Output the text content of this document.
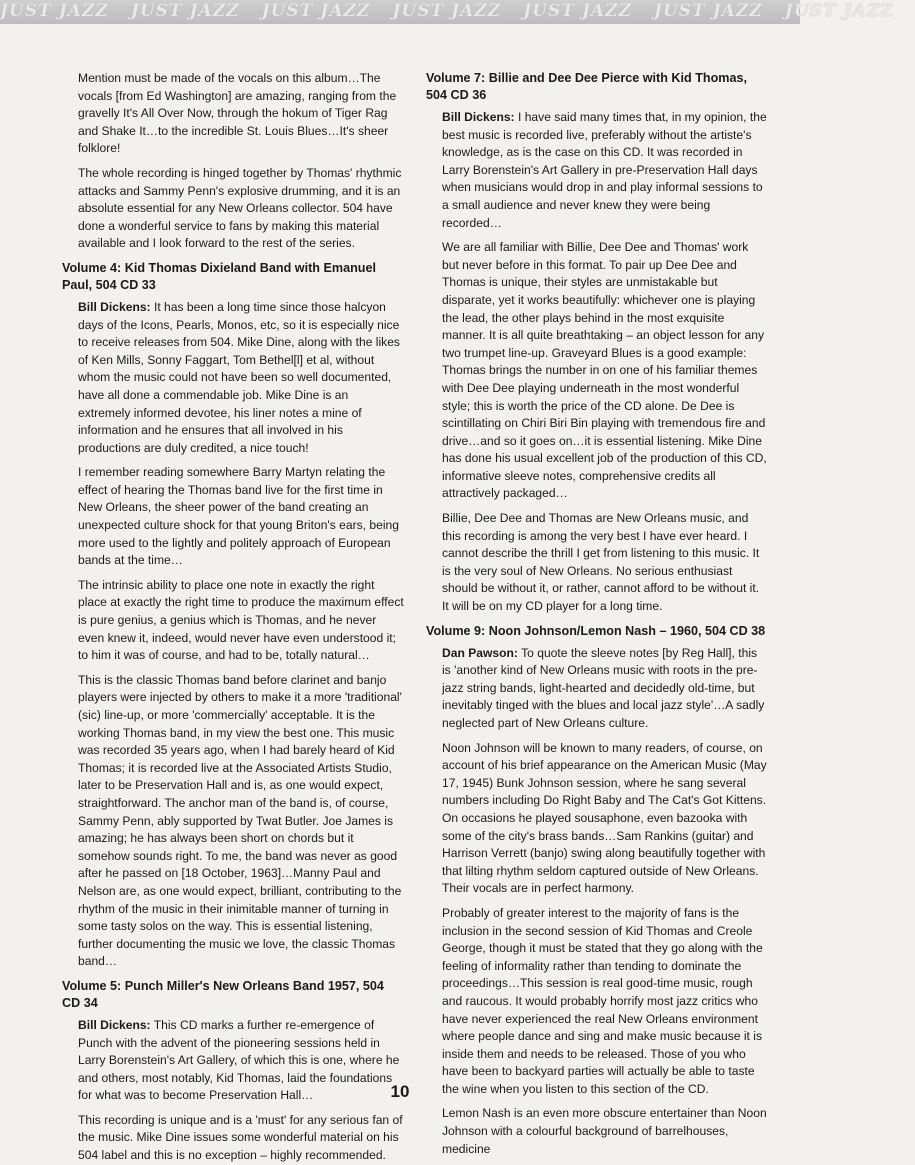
JUST JAZZ JUST JAZZ JUST JAZZ JUST JAZZ JUST JAZZ JUST JAZZ JUST JAZZ

Mention must be made of the vocals on this album…The vocals [from Ed Washington] are amazing, ranging from the gravelly It's All Over Now, through the hokum of Tiger Rag and Shake It…to the incredible St. Louis Blues…It's sheer folklore!

The whole recording is hinged together by Thomas' rhythmic attacks and Sammy Penn's explosive drumming, and it is an absolute essential for any New Orleans collector. 504 have done a wonderful service to fans by making this material available and I look forward to the rest of the series.

Volume 4: Kid Thomas Dixieland Band with Emanuel Paul, 504 CD 33

Bill Dickens: It has been a long time since those halcyon days of the Icons, Pearls, Monos, etc, so it is especially nice to receive releases from 504. Mike Dine, along with the likes of Ken Mills, Sonny Faggart, Tom Bethel[l] et al, without whom the music could not have been so well documented, have all done a commendable job. Mike Dine is an extremely informed devotee, his liner notes a mine of information and he ensures that all involved in his productions are duly credited, a nice touch!

I remember reading somewhere Barry Martyn relating the effect of hearing the Thomas band live for the first time in New Orleans, the sheer power of the band creating an unexpected culture shock for that young Briton's ears, being more used to the lightly and politely approach of European bands at the time…

The intrinsic ability to place one note in exactly the right place at exactly the right time to produce the maximum effect is pure genius, a genius which is Thomas, and he never even knew it, indeed, would never have even understood it; to him it was of course, and had to be, totally natural…

This is the classic Thomas band before clarinet and banjo players were injected by others to make it a more 'traditional' (sic) line-up, or more 'commercially' acceptable. It is the working Thomas band, in my view the best one. This music was recorded 35 years ago, when I had barely heard of Kid Thomas; it is recorded live at the Associated Artists Studio, later to be Preservation Hall and is, as one would expect, straightforward. The anchor man of the band is, of course, Sammy Penn, ably supported by Twat Butler. Joe James is amazing; he has always been short on chords but it somehow sounds right. To me, the band was never as good after he passed on [18 October, 1963]…Manny Paul and Nelson are, as one would expect, brilliant, contributing to the rhythm of the music in their inimitable manner of turning in some tasty solos on the way. This is essential listening, further documenting the music we love, the classic Thomas band…

Volume 5: Punch Miller's New Orleans Band 1957, 504 CD 34

Bill Dickens: This CD marks a further re-emergence of Punch with the advent of the pioneering sessions held in Larry Borenstein's Art Gallery, of which this is one, where he and others, most notably, Kid Thomas, laid the foundations for what was to become Preservation Hall…

This recording is unique and is a 'must' for any serious fan of the music. Mike Dine issues some wonderful material on his 504 label and this is no exception – highly recommended.

Volume 7: Billie and Dee Dee Pierce with Kid Thomas, 504 CD 36

Bill Dickens: I have said many times that, in my opinion, the best music is recorded live, preferably without the artiste's knowledge, as is the case on this CD. It was recorded in Larry Borenstein's Art Gallery in pre-Preservation Hall days when musicians would drop in and play informal sessions to a small audience and never knew they were being recorded…

We are all familiar with Billie, Dee Dee and Thomas' work but never before in this format. To pair up Dee Dee and Thomas is unique, their styles are unmistakable but disparate, yet it works beautifully: whichever one is playing the lead, the other plays behind in the most exquisite manner. It is all quite breathtaking – an object lesson for any two trumpet line-up. Graveyard Blues is a good example: Thomas brings the number in on one of his familiar themes with Dee Dee playing underneath in the most wonderful style; this is worth the price of the CD alone. De Dee is scintillating on Chiri Biri Bin playing with tremendous fire and drive…and so it goes on…it is essential listening. Mike Dine has done his usual excellent job of the production of this CD, informative sleeve notes, comprehensive credits all attractively packaged…

Billie, Dee Dee and Thomas are New Orleans music, and this recording is among the very best I have ever heard. I cannot describe the thrill I get from listening to this music. It is the very soul of New Orleans. No serious enthusiast should be without it, or rather, cannot afford to be without it. It will be on my CD player for a long time.

Volume 9: Noon Johnson/Lemon Nash – 1960, 504 CD 38

Dan Pawson: To quote the sleeve notes [by Reg Hall], this is 'another kind of New Orleans music with roots in the pre-jazz string bands, light-hearted and decidedly old-time, but inevitably tinged with the blues and local jazz style'…A sadly neglected part of New Orleans culture.

Noon Johnson will be known to many readers, of course, on account of his brief appearance on the American Music (May 17, 1945) Bunk Johnson session, where he sang several numbers including Do Right Baby and The Cat's Got Kittens. On occasions he played sousaphone, even bazooka with some of the city's brass bands…Sam Rankins (guitar) and Harrison Verrett (banjo) swing along beautifully together with that lilting rhythm seldom captured outside of New Orleans. Their vocals are in perfect harmony.

Probably of greater interest to the majority of fans is the inclusion in the second session of Kid Thomas and Creole George, though it must be stated that they go along with the feeling of informality rather than tending to dominate the proceedings…This session is real good-time music, rough and raucous. It would probably horrify most jazz critics who have never experienced the real New Orleans environment where people dance and sing and make music because it is inside them and needs to be released. Those of you who have been to backyard parties will actually be able to taste the wine when you listen to this section of the CD.

Lemon Nash is an even more obscure entertainer than Noon Johnson with a colourful background of barrelhouses, medicine

10
